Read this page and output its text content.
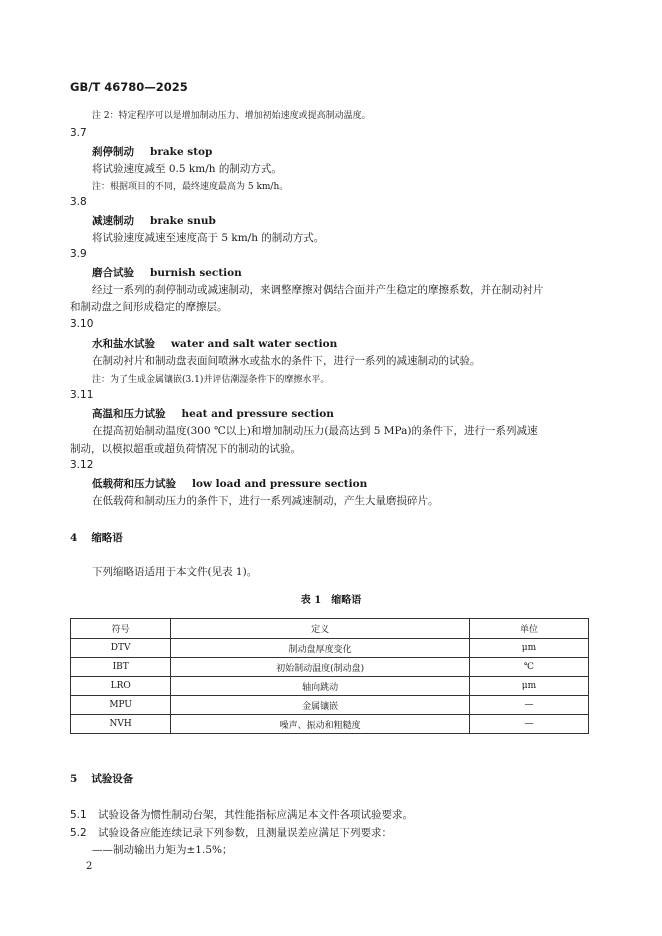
GB/T 46780—2025
注 2：特定程序可以是增加制动压力、增加初始速度或提高制动温度。
3.7
刹停制动 brake stop
将试验速度减至 0.5 km/h 的制动方式。
注：根据项目的不同，最终速度最高为 5 km/h。
3.8
减速制动 brake snub
将试验速度减速至速度高于 5 km/h 的制动方式。
3.9
磨合试验 burnish section
经过一系列的刹停制动或减速制动，来调整摩擦对偶结合面并产生稳定的摩擦系数，并在制动衬片
和制动盘之间形成稳定的摩擦层。
3.10
水和盐水试验 water and salt water section
在制动衬片和制动盘表面间喷淋水或盐水的条件下，进行一系列的减速制动的试验。
注：为了生成金属镶嵌(3.1)并评估潮湿条件下的摩擦水平。
3.11
高温和压力试验 heat and pressure section
在提高初始制动温度(300 ℃以上)和增加制动压力(最高达到 5 MPa)的条件下，进行一系列减速
制动，以模拟超重或超负荷情况下的制动的试验。
3.12
低载荷和压力试验 low load and pressure section
在低载荷和制动压力的条件下，进行一系列减速制动，产生大量磨损碎片。
4 缩略语
下列缩略语适用于本文件(见表 1)。
表 1　缩略语
符号	定义	单位
DTV	制动盘厚度变化	μm
IBT	初始制动温度(制动盘)	℃
LRO	轴向跳动	μm
MPU	金属镶嵌	—
NVH	噪声、振动和粗糙度	—
5 试验设备
5.1 试验设备为惯性制动台架，其性能指标应满足本文件各项试验要求。
5.2 试验设备应能连续记录下列参数，且测量误差应满足下列要求：
——制动输出力矩为±1.5%；
2
